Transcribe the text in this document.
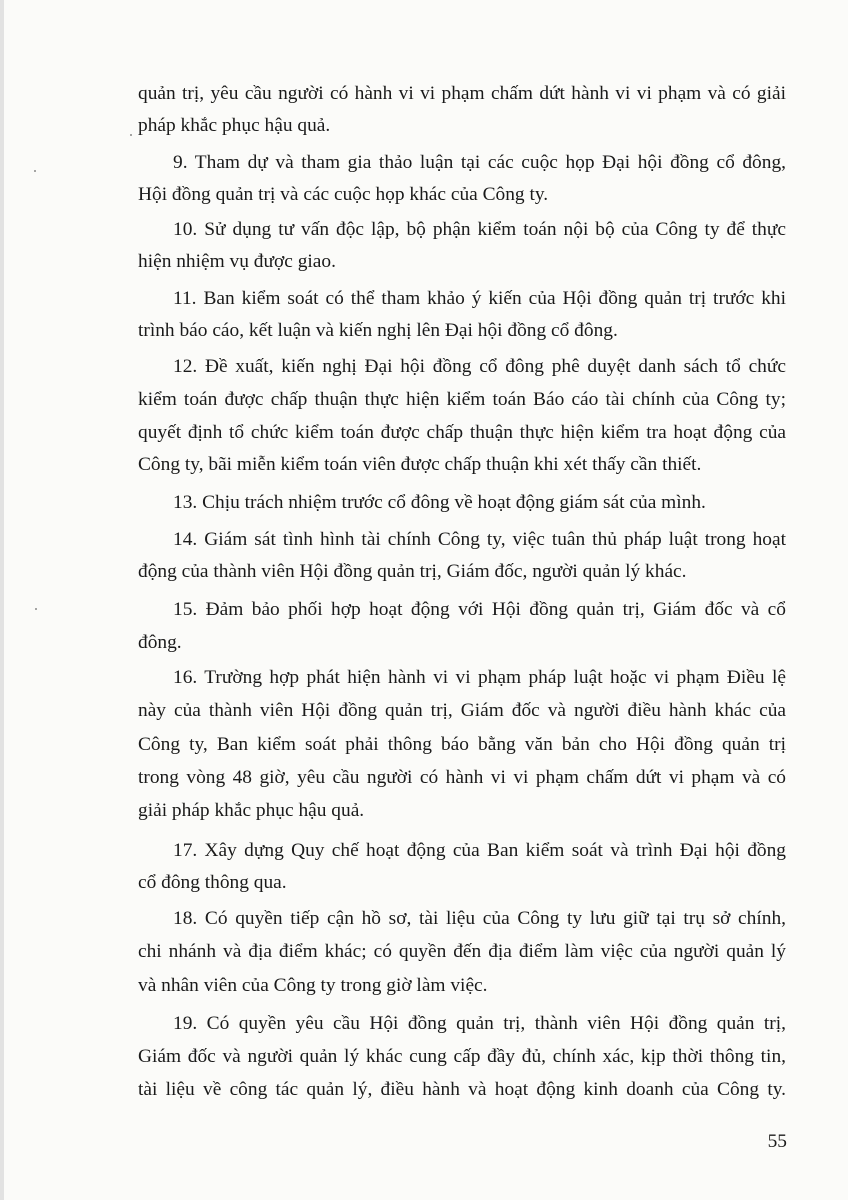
quản trị, yêu cầu người có hành vi vi phạm chấm dứt hành vi vi phạm và có giải
pháp khắc phục hậu quả.
9. Tham dự và tham gia thảo luận tại các cuộc họp Đại hội đồng cổ đông,
Hội đồng quản trị và các cuộc họp khác của Công ty.
10. Sử dụng tư vấn độc lập, bộ phận kiểm toán nội bộ của Công ty để thực
hiện nhiệm vụ được giao.
11. Ban kiểm soát có thể tham khảo ý kiến của Hội đồng quản trị trước khi
trình báo cáo, kết luận và kiến nghị lên Đại hội đồng cổ đông.
12. Đề xuất, kiến nghị Đại hội đồng cổ đông phê duyệt danh sách tổ chức
kiểm toán được chấp thuận thực hiện kiểm toán Báo cáo tài chính của Công ty;
quyết định tổ chức kiểm toán được chấp thuận thực hiện kiểm tra hoạt động của
Công ty, bãi miễn kiểm toán viên được chấp thuận khi xét thấy cần thiết.
13. Chịu trách nhiệm trước cổ đông về hoạt động giám sát của mình.
14. Giám sát tình hình tài chính Công ty, việc tuân thủ pháp luật trong hoạt
động của thành viên Hội đồng quản trị, Giám đốc, người quản lý khác.
15. Đảm bảo phối hợp hoạt động với Hội đồng quản trị, Giám đốc và cổ
đông.
16. Trường hợp phát hiện hành vi vi phạm pháp luật hoặc vi phạm Điều lệ
này của thành viên Hội đồng quản trị, Giám đốc và người điều hành khác của
Công ty, Ban kiểm soát phải thông báo bằng văn bản cho Hội đồng quản trị
trong vòng 48 giờ, yêu cầu người có hành vi vi phạm chấm dứt vi phạm và có
giải pháp khắc phục hậu quả.
17. Xây dựng Quy chế hoạt động của Ban kiểm soát và trình Đại hội đồng
cổ đông thông qua.
18. Có quyền tiếp cận hồ sơ, tài liệu của Công ty lưu giữ tại trụ sở chính,
chi nhánh và địa điểm khác; có quyền đến địa điểm làm việc của người quản lý
và nhân viên của Công ty trong giờ làm việc.
19. Có quyền yêu cầu Hội đồng quản trị, thành viên Hội đồng quản trị,
Giám đốc và người quản lý khác cung cấp đầy đủ, chính xác, kịp thời thông tin,
tài liệu về công tác quản lý, điều hành và hoạt động kinh doanh của Công ty.
55
